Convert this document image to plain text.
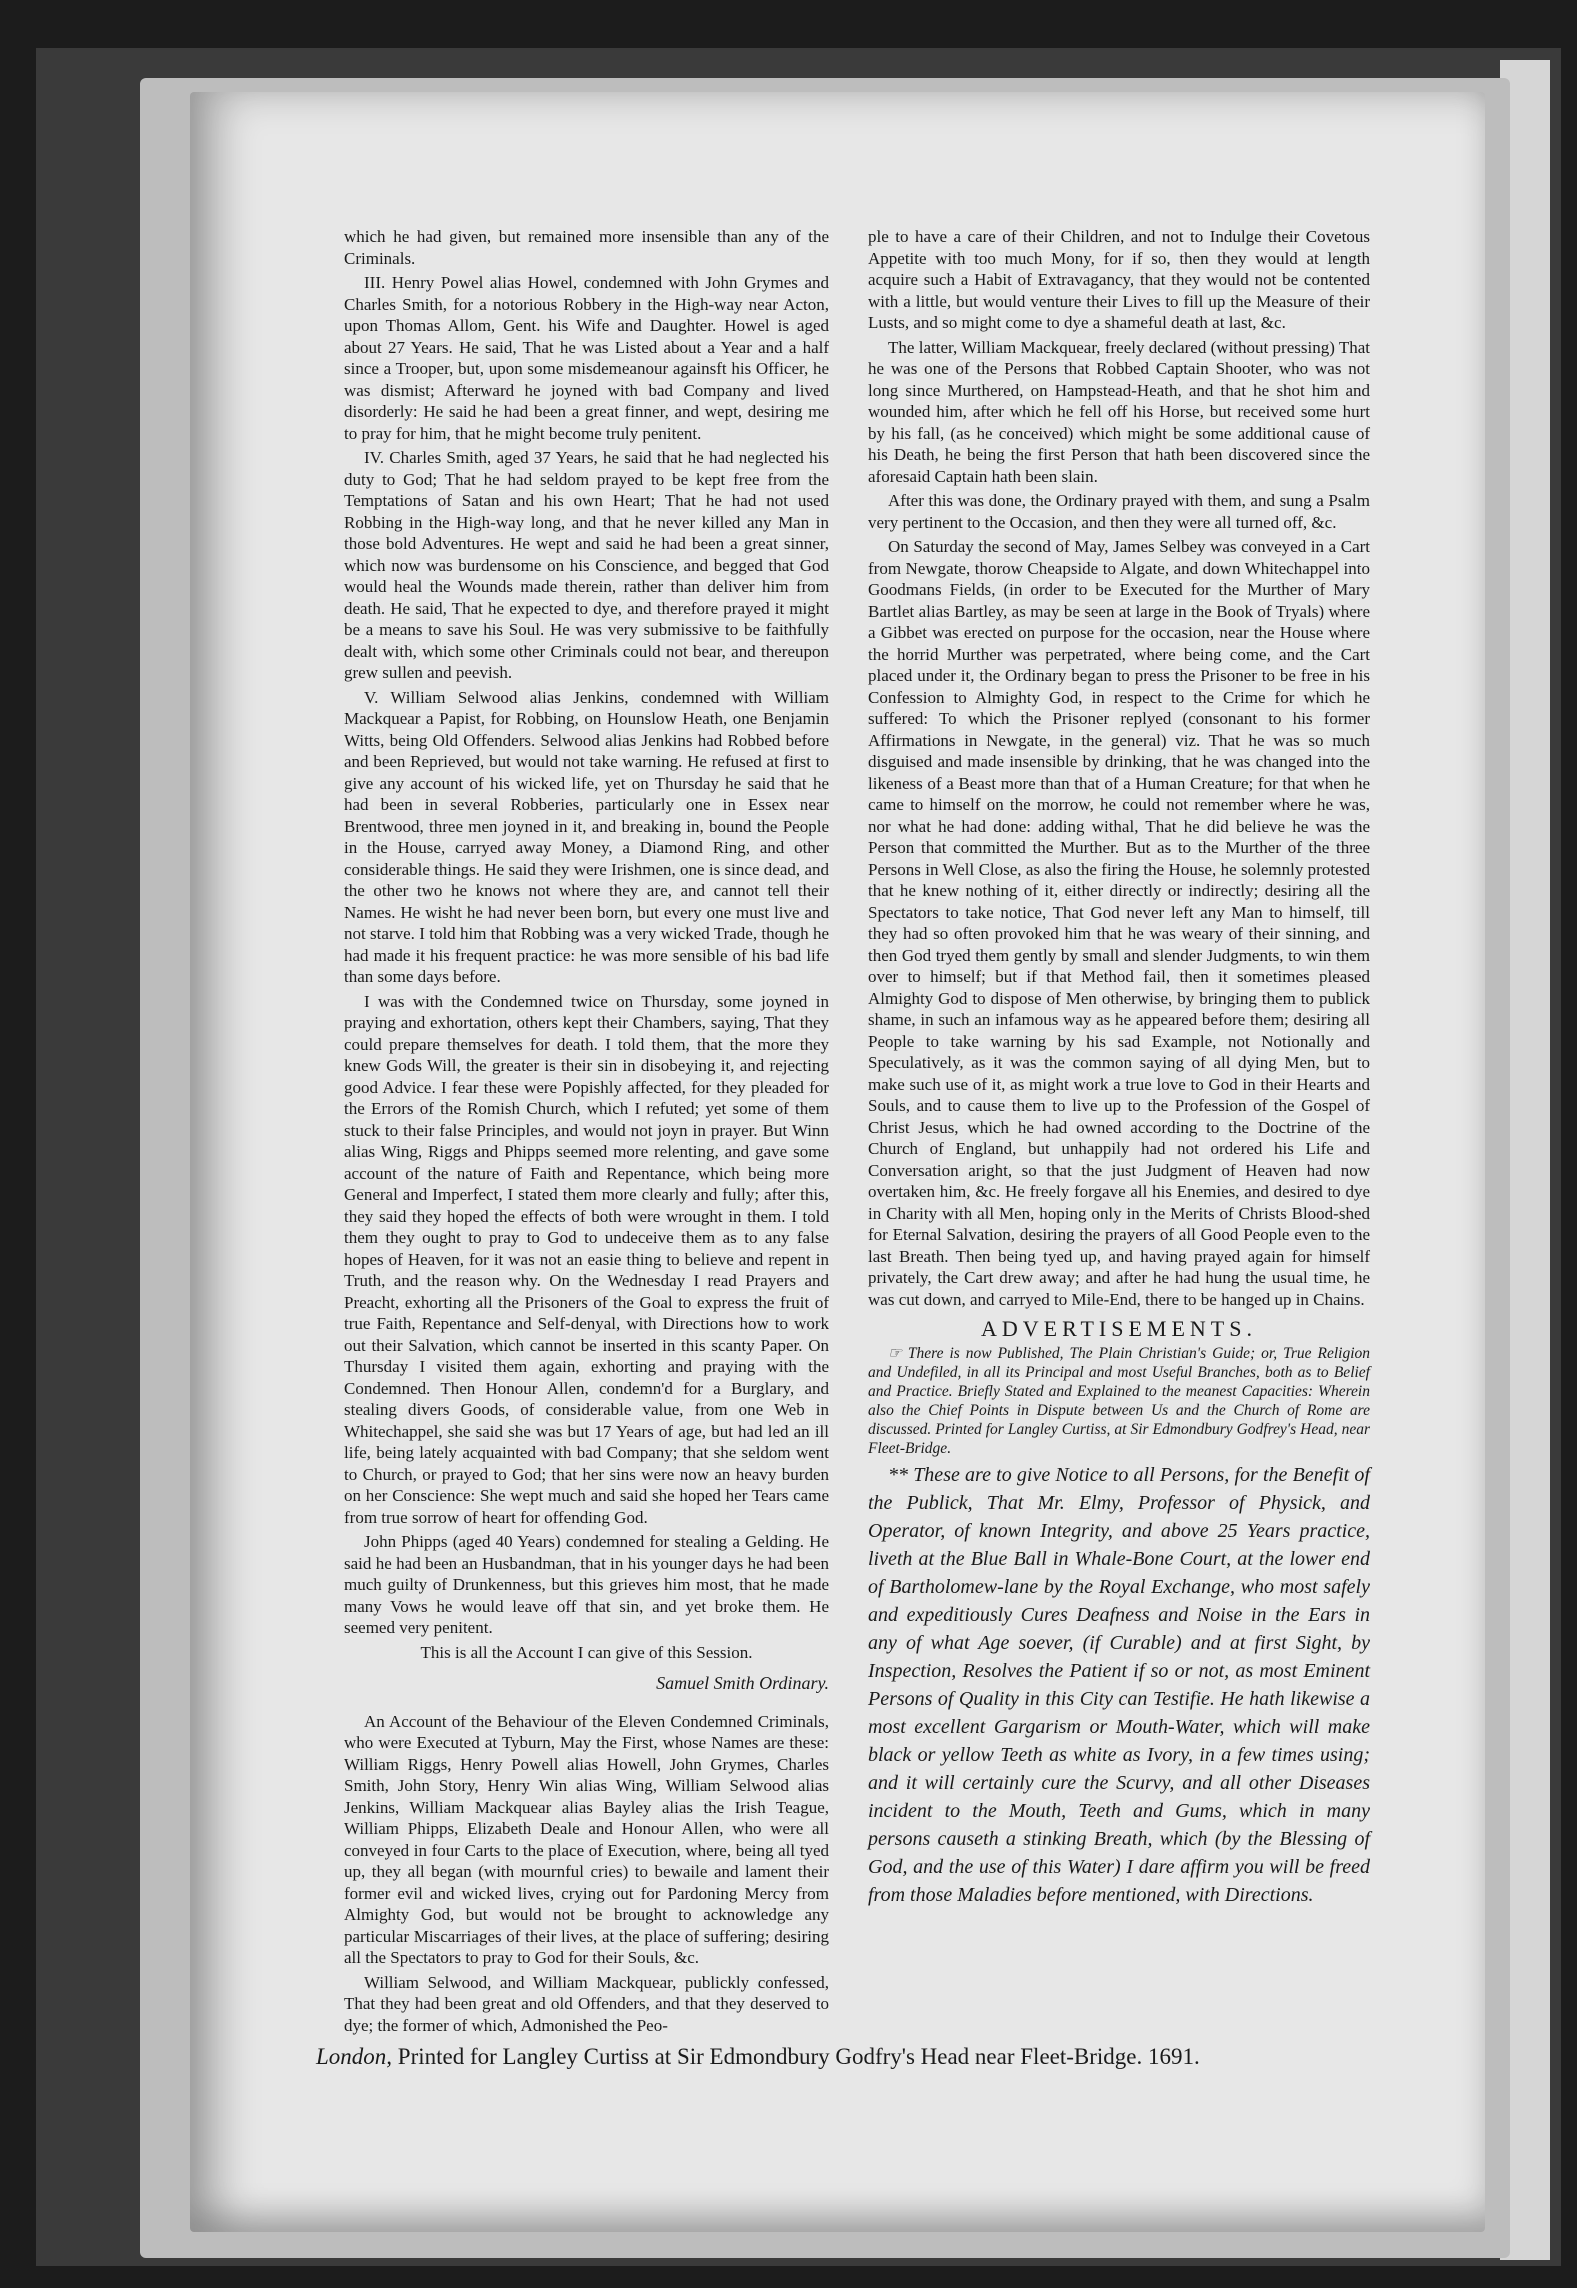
which he had given, but remained more insensible than any of the Criminals.

III. Henry Powel alias Howel, condemned with John Grymes and Charles Smith, for a notorious Robbery in the High-way near Acton, upon Thomas Allom, Gent. his Wife and Daughter. Howel is aged about 27 Years. He said, That he was Listed about a Year and a half since a Trooper, but, upon some misdemeanour againsft his Officer, he was dismist; Afterward he joyned with bad Company and lived disorderly: He said he had been a great finner, and wept, desiring me to pray for him, that he might become truly penitent.

IV. Charles Smith, aged 37 Years, he said that he had neglected his duty to God; That he had seldom prayed to be kept free from the Temptations of Satan and his own Heart; That he had not used Robbing in the High-way long, and that he never killed any Man in those bold Adventures. He wept and said he had been a great sinner, which now was burdensome on his Conscience, and begged that God would heal the Wounds made therein, rather than deliver him from death. He said, That he expected to dye, and therefore prayed it might be a means to save his Soul. He was very submissive to be faithfully dealt with, which some other Criminals could not bear, and thereupon grew sullen and peevish.

V. William Selwood alias Jenkins, condemned with William Mackquear a Papist, for Robbing, on Hounslow Heath, one Benjamin Witts, being Old Offenders. Selwood alias Jenkins had Robbed before and been Reprieved, but would not take warning. He refused at first to give any account of his wicked life, yet on Thursday he said that he had been in several Robberies, particularly one in Essex near Brentwood, three men joyned in it, and breaking in, bound the People in the House, carryed away Money, a Diamond Ring, and other considerable things. He said they were Irishmen, one is since dead, and the other two he knows not where they are, and cannot tell their Names. He wisht he had never been born, but every one must live and not starve. I told him that Robbing was a very wicked Trade, though he had made it his frequent practice: he was more sensible of his bad life than some days before.

I was with the Condemned twice on Thursday, some joyned in praying and exhortation, others kept their Chambers, saying, That they could prepare themselves for death. I told them, that the more they knew Gods Will, the greater is their sin in disobeying it, and rejecting good Advice. I fear these were Popishly affected, for they pleaded for the Errors of the Romish Church, which I refuted; yet some of them stuck to their false Principles, and would not joyn in prayer. But Winn alias Wing, Riggs and Phipps seemed more relenting, and gave some account of the nature of Faith and Repentance, which being more General and Imperfect, I stated them more clearly and fully; after this, they said they hoped the effects of both were wrought in them. I told them they ought to pray to God to undeceive them as to any false hopes of Heaven, for it was not an easie thing to believe and repent in Truth, and the reason why. On the Wednesday I read Prayers and Preacht, exhorting all the Prisoners of the Goal to express the fruit of true Faith, Repentance and Self-denyal, with Directions how to work out their Salvation, which cannot be inserted in this scanty Paper. On Thursday I visited them again, exhorting and praying with the Condemned. Then Honour Allen, condemn'd for a Burglary, and stealing divers Goods, of considerable value, from one Web in Whitechappel, she said she was but 17 Years of age, but had led an ill life, being lately acquainted with bad Company; that she seldom went to Church, or prayed to God; that her sins were now an heavy burden on her Conscience: She wept much and said she hoped her Tears came from true sorrow of heart for offending God.

John Phipps (aged 40 Years) condemned for stealing a Gelding. He said he had been an Husbandman, that in his younger days he had been much guilty of Drunkenness, but this grieves him most, that he made many Vows he would leave off that sin, and yet broke them. He seemed very penitent.

This is all the Account I can give of this Session.

Samuel Smith Ordinary.

An Account of the Behaviour of the Eleven Condemned Criminals, who were Executed at Tyburn, May the First, whose Names are these: William Riggs, Henry Powell alias Howell, John Grymes, Charles Smith, John Story, Henry Win alias Wing, William Selwood alias Jenkins, William Mackquear alias Bayley alias the Irish Teague, William Phipps, Elizabeth Deale and Honour Allen, who were all conveyed in four Carts to the place of Execution, where, being all tyed up, they all began (with mournful cries) to bewaile and lament their former evil and wicked lives, crying out for Pardoning Mercy from Almighty God, but would not be brought to acknowledge any particular Miscarriages of their lives, at the place of suffering; desiring all the Spectators to pray to God for their Souls, &c.

William Selwood, and William Mackquear, publickly confessed, That they had been great and old Offenders, and that they deserved to dye; the former of which, Admonished the Peo-

ple to have a care of their Children, and not to Indulge their Covetous Appetite with too much Mony, for if so, then they would at length acquire such a Habit of Extravagancy, that they would not be contented with a little, but would venture their Lives to fill up the Measure of their Lusts, and so might come to dye a shameful death at last, &c.

The latter, William Mackquear, freely declared (without pressing) That he was one of the Persons that Robbed Captain Shooter, who was not long since Murthered, on Hampstead-Heath, and that he shot him and wounded him, after which he fell off his Horse, but received some hurt by his fall, (as he conceived) which might be some additional cause of his Death, he being the first Person that hath been discovered since the aforesaid Captain hath been slain.

After this was done, the Ordinary prayed with them, and sung a Psalm very pertinent to the Occasion, and then they were all turned off, &c.

On Saturday the second of May, James Selbey was conveyed in a Cart from Newgate, thorow Cheapside to Algate, and down Whitechappel into Goodmans Fields, (in order to be Executed for the Murther of Mary Bartlet alias Bartley, as may be seen at large in the Book of Tryals) where a Gibbet was erected on purpose for the occasion, near the House where the horrid Murther was perpetrated, where being come, and the Cart placed under it, the Ordinary began to press the Prisoner to be free in his Confession to Almighty God, in respect to the Crime for which he suffered: To which the Prisoner replyed (consonant to his former Affirmations in Newgate, in the general) viz. That he was so much disguised and made insensible by drinking, that he was changed into the likeness of a Beast more than that of a Human Creature; for that when he came to himself on the morrow, he could not remember where he was, nor what he had done: adding withal, That he did believe he was the Person that committed the Murther. But as to the Murther of the three Persons in Well Close, as also the firing the House, he solemnly protested that he knew nothing of it, either directly or indirectly; desiring all the Spectators to take notice, That God never left any Man to himself, till they had so often provoked him that he was weary of their sinning, and then God tryed them gently by small and slender Judgments, to win them over to himself; but if that Method fail, then it sometimes pleased Almighty God to dispose of Men otherwise, by bringing them to publick shame, in such an infamous way as he appeared before them; desiring all People to take warning by his sad Example, not Notionally and Speculatively, as it was the common saying of all dying Men, but to make such use of it, as might work a true love to God in their Hearts and Souls, and to cause them to live up to the Profession of the Gospel of Christ Jesus, which he had owned according to the Doctrine of the Church of England, but unhappily had not ordered his Life and Conversation aright, so that the just Judgment of Heaven had now overtaken him, &c. He freely forgave all his Enemies, and desired to dye in Charity with all Men, hoping only in the Merits of Christs Blood-shed for Eternal Salvation, desiring the prayers of all Good People even to the last Breath. Then being tyed up, and having prayed again for himself privately, the Cart drew away; and after he had hung the usual time, he was cut down, and carryed to Mile-End, there to be hanged up in Chains.

ADVERTISEMENTS.

☞ There is now Published, The Plain Christian's Guide; or, True Religion and Undefiled, in all its Principal and most Useful Branches, both as to Belief and Practice. Briefly Stated and Explained to the meanest Capacities: Wherein also the Chief Points in Dispute between Us and the Church of Rome are discussed. Printed for Langley Curtiss, at Sir Edmondbury Godfrey's Head, near Fleet-Bridge.

** These are to give Notice to all Persons, for the Benefit of the Publick, That Mr. Elmy, Professor of Physick, and Operator, of known Integrity, and above 25 Years practice, liveth at the Blue Ball in Whale-Bone Court, at the lower end of Bartholomew-lane by the Royal Exchange, who most safely and expeditiously Cures Deafness and Noise in the Ears in any of what Age soever, (if Curable) and at first Sight, by Inspection, Resolves the Patient if so or not, as most Eminent Persons of Quality in this City can Testifie. He hath likewise a most excellent Gargarism or Mouth-Water, which will make black or yellow Teeth as white as Ivory, in a few times using; and it will certainly cure the Scurvy, and all other Diseases incident to the Mouth, Teeth and Gums, which in many persons causeth a stinking Breath, which (by the Blessing of God, and the use of this Water) I dare affirm you will be freed from those Maladies before mentioned, with Directions.

London, Printed for Langley Curtiss at Sir Edmondbury Godfry's Head near Fleet-Bridge. 1691.
